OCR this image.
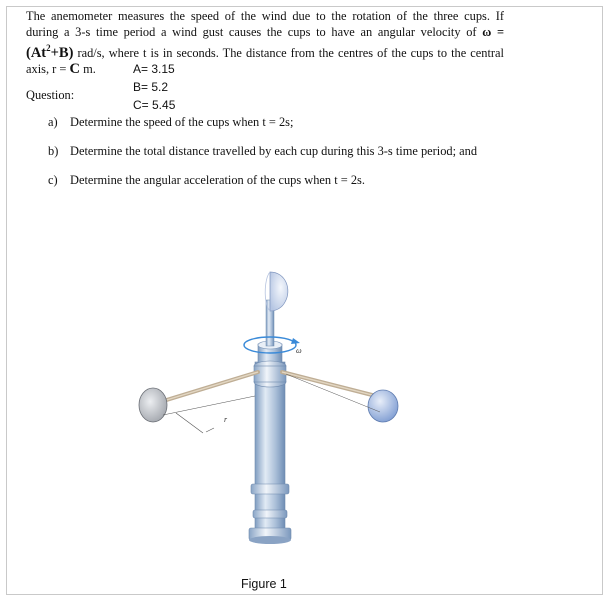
The anemometer measures the speed of the wind due to the rotation of the three cups. If
during a 3-s time period a wind gust causes the cups to have an angular velocity of ω =
$(At^2+B)$ rad/s, where t is in seconds. The distance from the centres of the cups to the central
axis, r = C m.	A= 3.15
Question:
B= 5.2
C= 5.45
a) Determine the speed of the cups when t = 2s;
b) Determine the total distance travelled by each cup during this 3-s time period; and
c) Determine the angular acceleration of the cups when t = 2s.
ω
r
Figure 1
